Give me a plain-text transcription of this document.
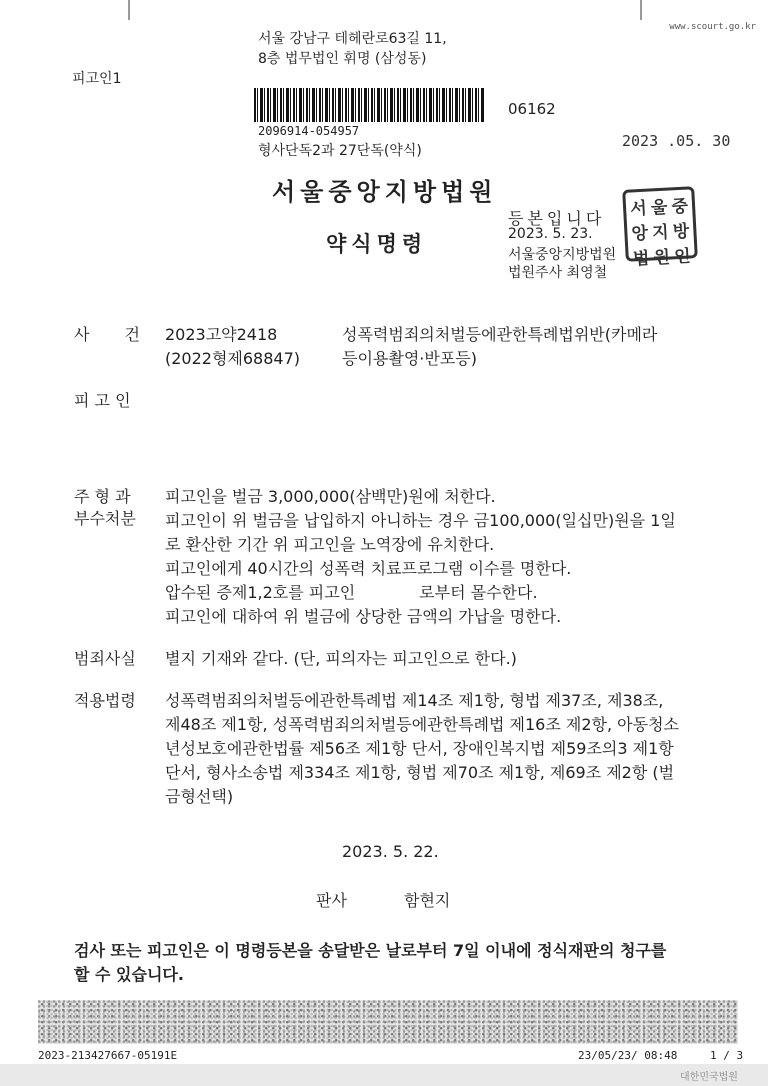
www.scourt.go.kr
서울 강남구 테헤란로63길 11,
8층 법무법인 휘명 (삼성동)
피고인1
06162
2096914-054957
형사단독2과 27단독(약식)
2023 .05. 30
서울중앙지방법원
약식명령
등본입니다
2023. 5. 23.
서울중앙지방법원
법원주사 최영철
서 울 중
앙 지 방
법 원 인
사 건 2023고약2418
(2022형제68847)
성폭력범죄의처벌등에관한특례법위반(카메라
등이용촬영·반포등)
피 고 인
주 형 과
부수처분
피고인을 벌금 3,000,000(삼백만)원에 처한다.
피고인이 위 벌금을 납입하지 아니하는 경우 금100,000(일십만)원을 1일
로 환산한 기간 위 피고인을 노역장에 유치한다.
피고인에게 40시간의 성폭력 치료프로그램 이수를 명한다.
압수된 증제1,2호를 피고인　　　　로부터 몰수한다.
피고인에 대하여 위 벌금에 상당한 금액의 가납을 명한다.
범죄사실 별지 기재와 같다. (단, 피의자는 피고인으로 한다.)
적용법령 성폭력범죄의처벌등에관한특례법 제14조 제1항, 형법 제37조, 제38조,
제48조 제1항, 성폭력범죄의처벌등에관한특례법 제16조 제2항, 아동청소
년성보호에관한법률 제56조 제1항 단서, 장애인복지법 제59조의3 제1항
단서, 형사소송법 제334조 제1항, 형법 제70조 제1항, 제69조 제2항 (벌
금형선택)
2023. 5. 22.
판사	함현지
검사 또는 피고인은 이 명령등본을 송달받은 날로부터 7일 이내에 정식재판의 청구를
할 수 있습니다.
2023-213427667-05191E	23/05/23/ 08:48	1 / 3
대한민국법원
